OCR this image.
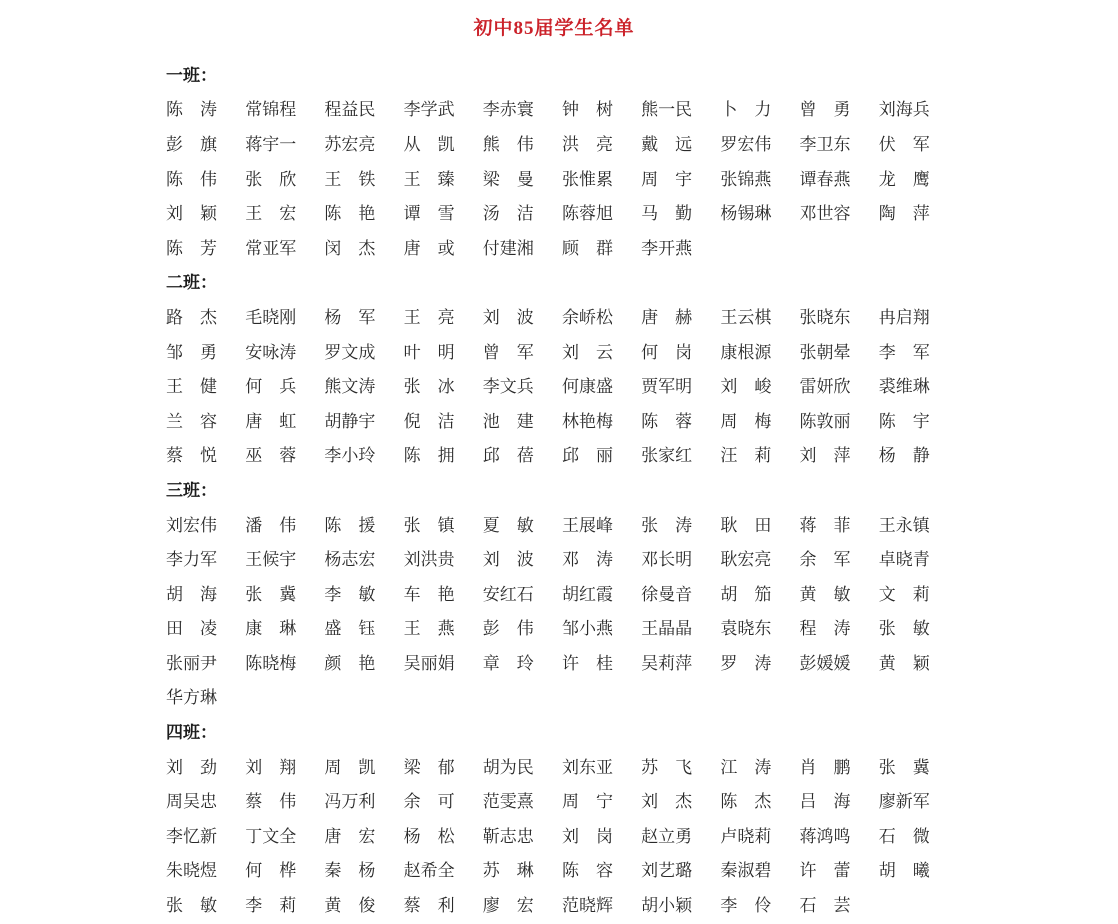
初中85届学生名单
一班：
陈 涛 常 锦 程 程 益 民 李 学 武 李 赤 寰 钟 树 熊 一 民 卜 力 曾 勇 刘 海 兵
彭 旗 蒋 宇 一 苏 宏 亮 从 凯 熊 伟 洪 亮 戴 远 罗 宏 伟 李 卫 东 伏 军
陈 伟 张 欣 王 铁 王 臻 梁 曼 张 惟 累 周 宇 张 锦 燕 谭 春 燕 龙 鹰
刘 颖 王 宏 陈 艳 谭 雪 汤 洁 陈 蓉 旭 马 勤 杨 锡 琳 邓 世 容 陶 萍
陈 芳 常 亚 军 闵 杰 唐 或 付 建 湘 顾 群 李 开 燕
二班：
路 杰 毛 晓 刚 杨 军 王 亮 刘 波 余 峤 松 唐 赫 王 云 棋 张 晓 东 冉 启 翔
邹 勇 安 咏 涛 罗 文 成 叶 明 曾 军 刘 云 何 岗 康 根 源 张 朝 晕 李 军
王 健 何 兵 熊 文 涛 张 冰 李 文 兵 何 康 盛 贾 军 明 刘 峻 雷 妍 欣 裘 维 琳
兰 容 唐 虹 胡 静 宇 倪 洁 池 建 林 艳 梅 陈 蓉 周 梅 陈 敦 丽 陈 宇
蔡 悦 巫 蓉 李 小 玲 陈 拥 邱 蓓 邱 丽 张 家 红 汪 莉 刘 萍 杨 静
三班：
刘 宏 伟 潘 伟 陈 援 张 镇 夏 敏 王 展 峰 张 涛 耿 田 蒋 菲 王 永 镇
李 力 军 王 候 宇 杨 志 宏 刘 洪 贵 刘 波 邓 涛 邓 长 明 耿 宏 亮 余 军 卓 晓 青
胡 海 张 冀 李 敏 车 艳 安 红 石 胡 红 霞 徐 曼 音 胡 笳 黄 敏 文 莉
田 凌 康 琳 盛 钰 王 燕 彭 伟 邹 小 燕 王 晶 晶 袁 晓 东 程 涛 张 敏
张 丽 尹 陈 晓 梅 颜 艳 吴 丽 娟 章 玲 许 桂 吴 莉 萍 罗 涛 彭 媛 媛 黄 颖
华 方 琳
四班：
刘 劲 刘 翔 周 凯 梁 郁 胡 为 民 刘 东 亚 苏 飞 江 涛 肖 鹏 张 冀
周 吴 忠 蔡 伟 冯 万 利 余 可 范 雯 熹 周 宁 刘 杰 陈 杰 吕 海 廖 新 军
李 忆 新 丁 文 全 唐 宏 杨 松 靳 志 忠 刘 岗 赵 立 勇 卢 晓 莉 蒋 鸿 鸣 石 微
朱 晓 煜 何 桦 秦 杨 赵 希 全 苏 琳 陈 容 刘 艺 璐 秦 淑 碧 许 蕾 胡 曦
张 敏 李 莉 黄 俊 蔡 利 廖 宏 范 晓 辉 胡 小 颖 李 伶 石 芸
